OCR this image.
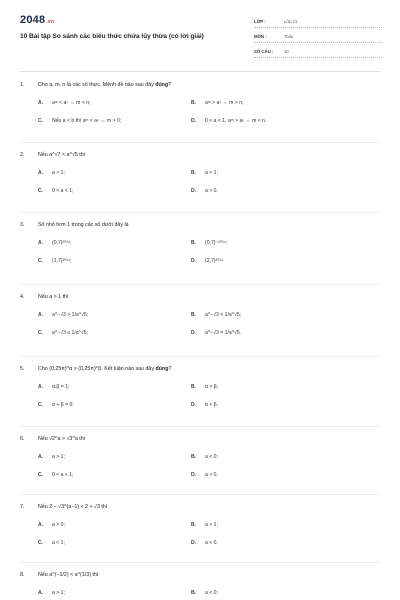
2048.vn
10 Bài tập So sánh các biểu thức chứa lũy thừa (có lời giải)
LỚP :	Lớp 11
MÔN :	Toán
SỐ CÂU :	10
1.	Cho a, m, n là các số thực. Mệnh đề nào sau đây đúng?
A.	aᵐ < aⁿ ⇔ m < n;	B.	aᵐ > aⁿ ⇔ m > n;
C.	Nếu a < b thì aᵐ < aⁿ ⇔ m > 0;	D.	0 < a < 1, aᵐ > aⁿ ⇔ m < n.
2.	Nếu a^√7 < a^√5 thì
A.	a > 1;	B.	a < 1;
C.	0 < a < 1;	D.	a > 0.
3.	Số nhỏ hơn 1 trong các số dưới đây là
A.	(0,7)²⁰²⁴;	B.	(0,7)⁻²⁰²⁴;
C.	(1,7)²⁰²⁴;	D.	(2,7)²⁰²⁴
4.	Nếu a > 1 thì
A.	a^−√3 > 1/a^√5;	B.	a^−√3 < 1/a^√5;
C.	a^−√3 ≤ 1/a^√5;	D.	a^−√3 = 1/a^√5.
5.	Cho (0,25π)^α > (0,25π)^β. Kết luận nào sau đây đúng?
A.	α.β = 1;	B.	α > β;
C.	α + β = 0;	D.	α < β.
6.	Nếu √2^a > √3^a thì
A.	a > 1;	B.	a < 0;
C.	0 < a < 1;	D.	a > 0.
7.	Nếu 2 − √3^(a−1) < 2 + √3 thì
A.	a > 0;	B.	a > 1;
C.	a < 1;	D.	a < 0.
8.	Nếu a^(−1/2) < a^(1/3) thì
A.	a > 1;	B.	a < 0;
